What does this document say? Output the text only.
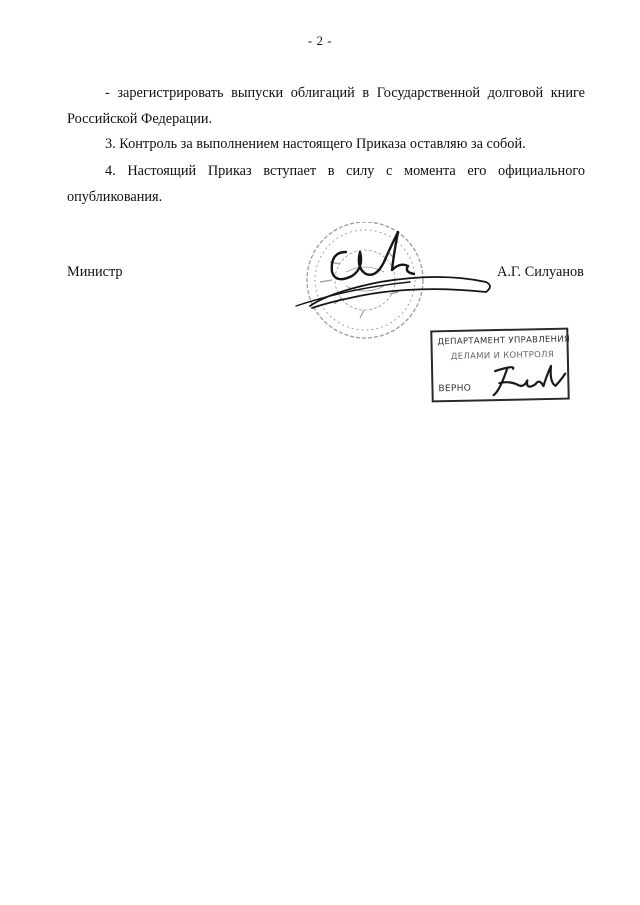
- 2 -

- зарегистрировать выпуски облигаций в Государственной долговой книге Российской Федерации.

3. Контроль за выполнением настоящего Приказа оставляю за собой.

4. Настоящий Приказ вступает в силу с момента его официального опубликования.

Министр	А.Г. Силуанов
ДЕПАРТАМЕНТ УПРАВЛЕНИЯ
ДЕЛАМИ И КОНТРОЛЯ
ВЕРНО
